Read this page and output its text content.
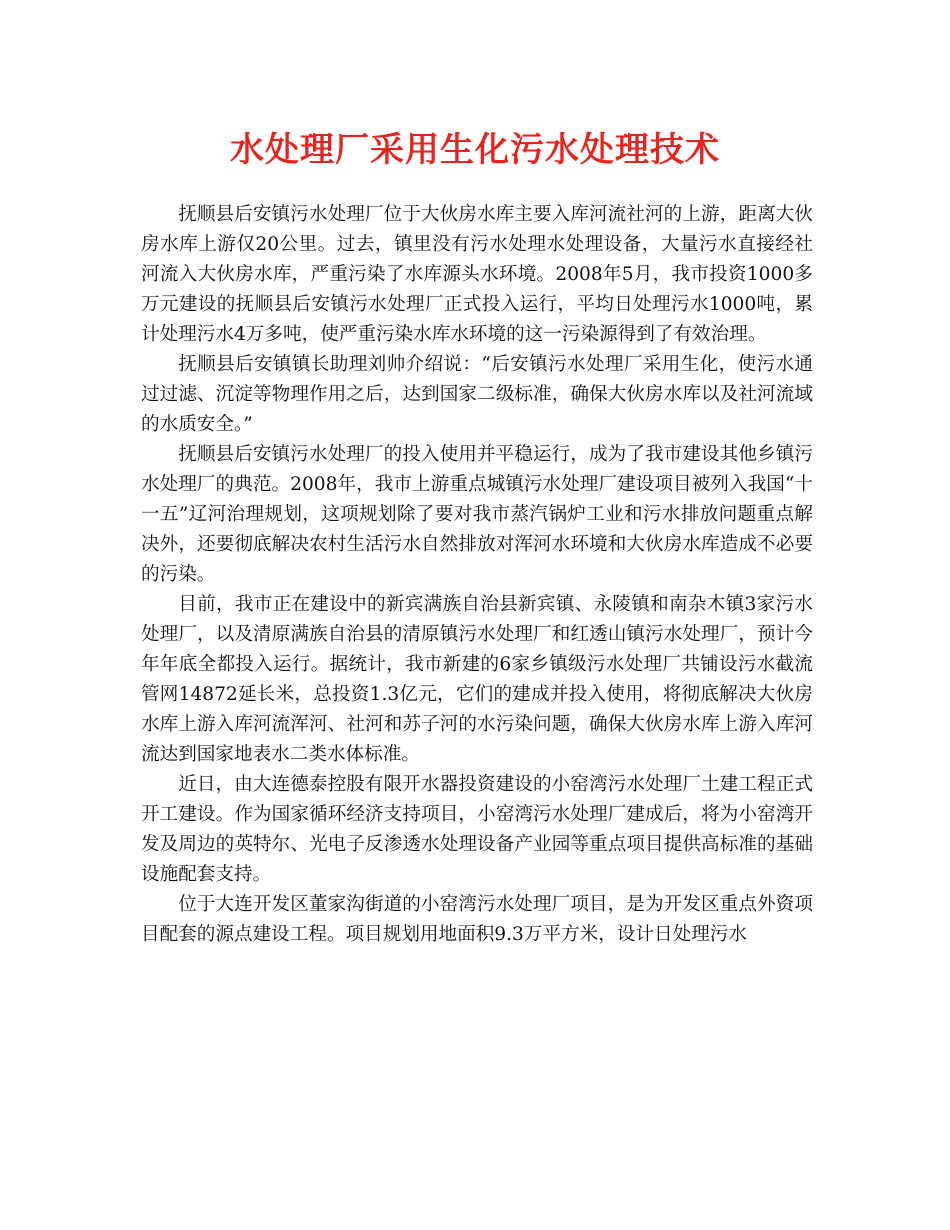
水处理厂采用生化污水处理技术

抚顺县后安镇污水处理厂位于大伙房水库主要入库河流社河的上游，距离大伙房水库上游仅20公里。过去，镇里没有污水处理水处理设备，大量污水直接经社河流入大伙房水库，严重污染了水库源头水环境。2008年5月，我市投资1000多万元建设的抚顺县后安镇污水处理厂正式投入运行，平均日处理污水1000吨，累计处理污水4万多吨，使严重污染水库水环境的这一污染源得到了有效治理。

抚顺县后安镇镇长助理刘帅介绍说：“后安镇污水处理厂采用生化，使污水通过过滤、沉淀等物理作用之后，达到国家二级标准，确保大伙房水库以及社河流域的水质安全。”

抚顺县后安镇污水处理厂的投入使用并平稳运行，成为了我市建设其他乡镇污水处理厂的典范。2008年，我市上游重点城镇污水处理厂建设项目被列入我国“十一五”辽河治理规划，这项规划除了要对我市蒸汽锅炉工业和污水排放问题重点解决外，还要彻底解决农村生活污水自然排放对浑河水环境和大伙房水库造成不必要的污染。

目前，我市正在建设中的新宾满族自治县新宾镇、永陵镇和南杂木镇3家污水处理厂，以及清原满族自治县的清原镇污水处理厂和红透山镇污水处理厂，预计今年年底全都投入运行。据统计，我市新建的6家乡镇级污水处理厂共铺设污水截流管网14872延长米，总投资1.3亿元，它们的建成并投入使用，将彻底解决大伙房水库上游入库河流浑河、社河和苏子河的水污染问题，确保大伙房水库上游入库河流达到国家地表水二类水体标准。

近日，由大连德泰控股有限开水器投资建设的小窑湾污水处理厂土建工程正式开工建设。作为国家循环经济支持项目，小窑湾污水处理厂建成后，将为小窑湾开发及周边的英特尔、光电子反渗透水处理设备产业园等重点项目提供高标准的基础设施配套支持。

位于大连开发区董家沟街道的小窑湾污水处理厂项目，是为开发区重点外资项目配套的源点建设工程。项目规划用地面积9.3万平方米，设计日处理污水
